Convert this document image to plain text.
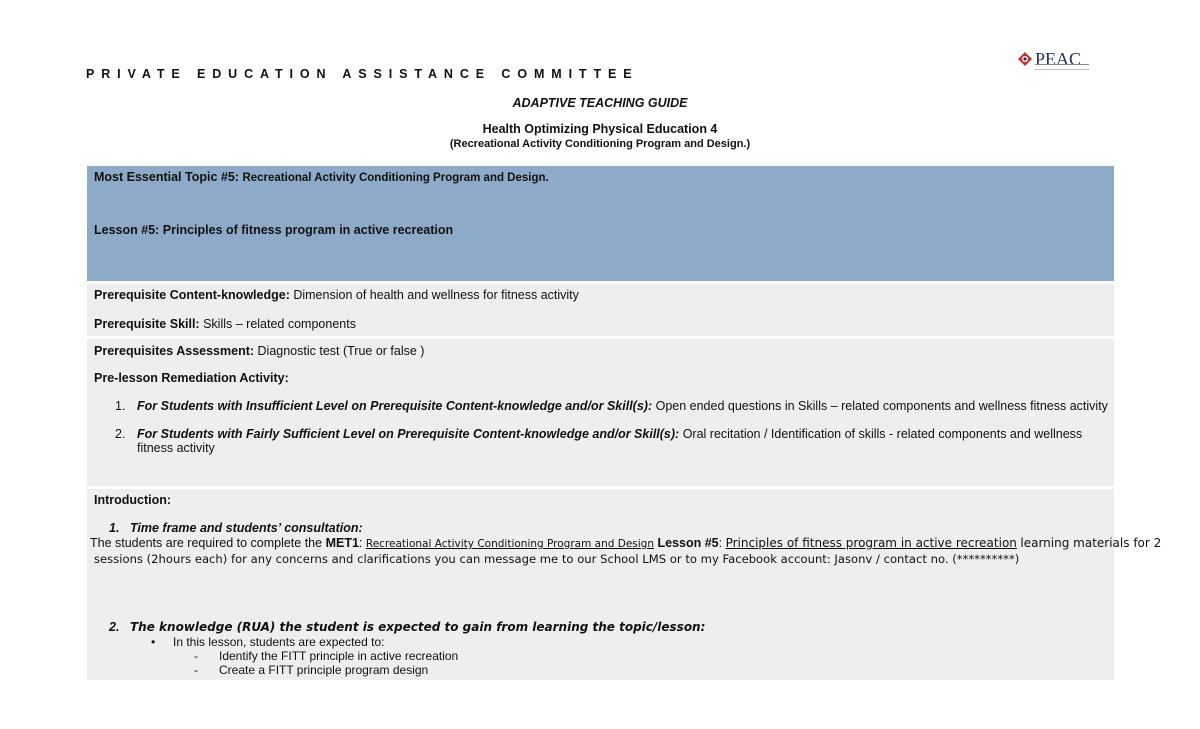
PRIVATE EDUCATION ASSISTANCE COMMITTEE
PEAC
ADAPTIVE TEACHING GUIDE
Health Optimizing Physical Education 4
(Recreational Activity Conditioning Program and Design.)
Most Essential Topic #5: Recreational Activity Conditioning Program and Design.
Lesson #5: Principles of fitness program in active recreation
Prerequisite Content-knowledge: Dimension of health and wellness for fitness activity
Prerequisite Skill: Skills – related components
Prerequisites Assessment: Diagnostic test (True or false )
Pre-lesson Remediation Activity:
1. For Students with Insufficient Level on Prerequisite Content-knowledge and/or Skill(s): Open ended questions in Skills – related components and wellness fitness activity
2. For Students with Fairly Sufficient Level on Prerequisite Content-knowledge and/or Skill(s): Oral recitation / Identification of skills - related components and wellness fitness activity
Introduction:
1. Time frame and students’ consultation:
The students are required to complete the MET1: Recreational Activity Conditioning Program and Design Lesson #5: Principles of fitness program in active recreation learning materials for 2
sessions (2hours each) for any concerns and clarifications you can message me to our School LMS or to my Facebook account: Jasonv / contact no. (**********)
2. The knowledge (RUA) the student is expected to gain from learning the topic/lesson:
• In this lesson, students are expected to:
- Identify the FITT principle in active recreation
- Create a FITT principle program design
